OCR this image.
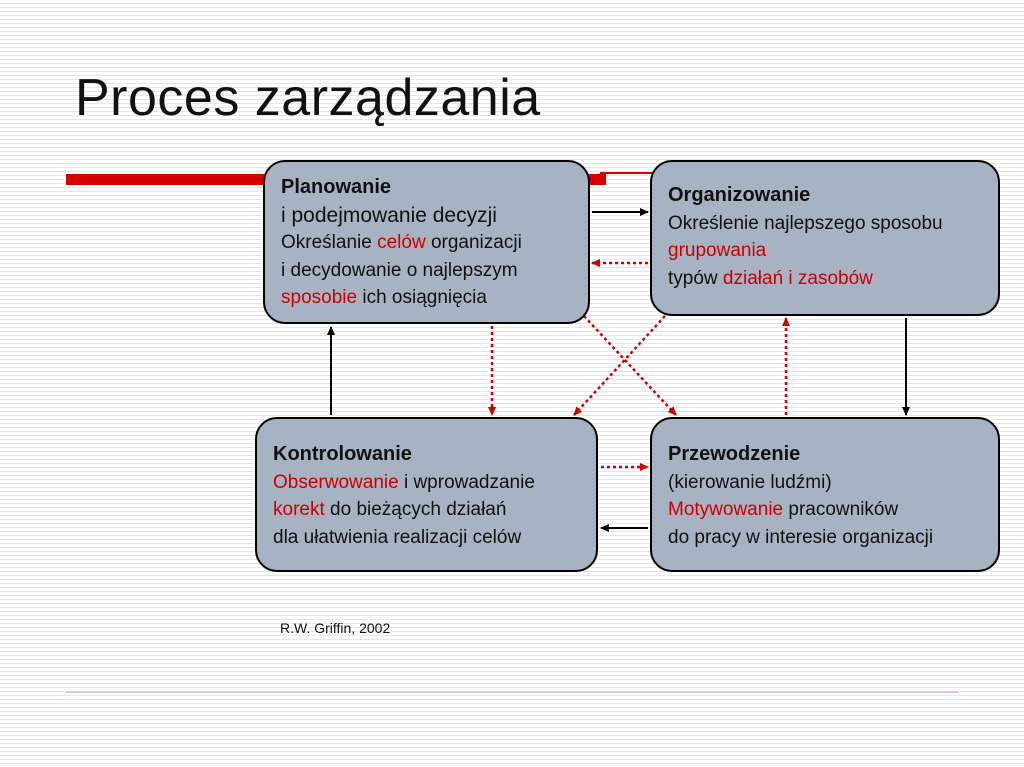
Proces zarządzania
Planowanie
i podejmowanie decyzji
Określanie celów organizacji
i decydowanie o najlepszym
sposobie ich osiągnięcia
Organizowanie
Określenie najlepszego sposobu
grupowania
typów działań i zasobów
Kontrolowanie
Obserwowanie i wprowadzanie
korekt do bieżących działań
dla ułatwienia realizacji celów
Przewodzenie
(kierowanie ludźmi)
Motywowanie pracowników
do pracy w interesie organizacji
R.W. Griffin, 2002
